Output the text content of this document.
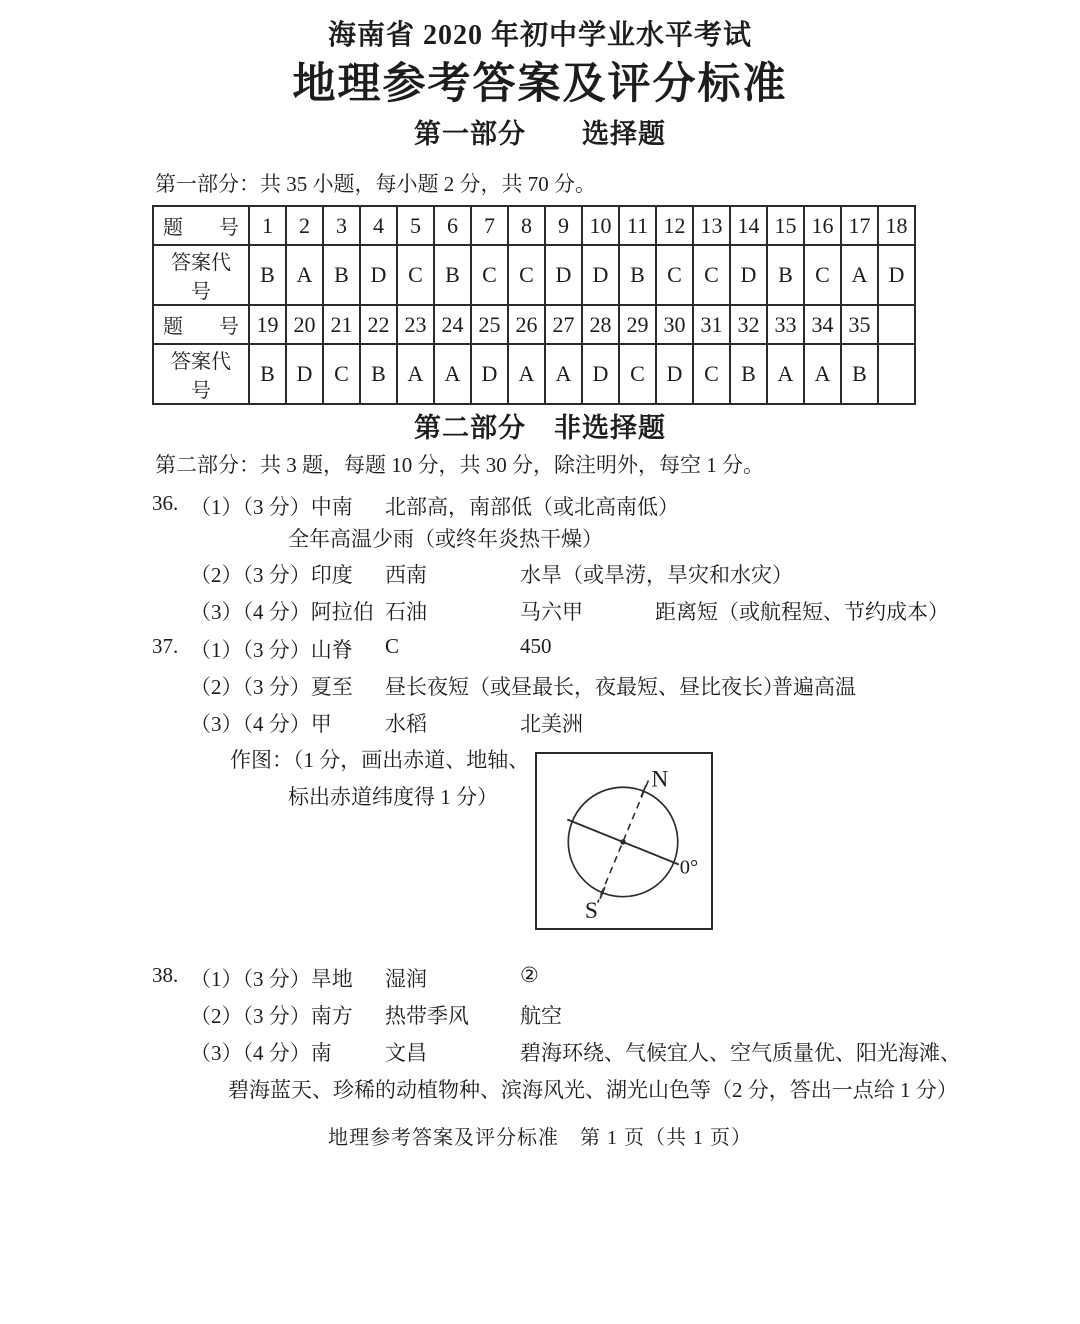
海南省 2020 年初中学业水平考试
地理参考答案及评分标准
第一部分　　选择题
第一部分：共 35 小题，每小题 2 分，共 70 分。
题 号	1	2	3	4	5	6	7	8	9	10	11	12	13	14	15	16	17	18
答案代号	B	A	B	D	C	B	C	C	D	D	B	C	C	D	B	C	A	D
题 号	19	20	21	22	23	24	25	26	27	28	29	30	31	32	33	34	35	
答案代号	B	D	C	B	A	A	D	A	A	D	C	D	C	B	A	A	B	
第二部分　非选择题
第二部分：共 3 题，每题 10 分，共 30 分，除注明外，每空 1 分。
36. （1）（3 分）中南 北部高，南部低（或北高南低）
全年高温少雨（或终年炎热干燥）
（2）（3 分）印度 西南	水旱（或旱涝，旱灾和水灾）
（3）（4 分）阿拉伯 石油	马六甲	距离短（或航程短、节约成本）
37. （1）（3 分）山脊 C	450
（2）（3 分）夏至 昼长夜短（或昼最长，夜最短、昼比夜长）
普遍高温
（3）（4 分）甲	水稻	北美洲
作图：（1 分，画出赤道、地轴、
标出赤道纬度得 1 分）
38. （1）（3 分）旱地 湿润	②
（2）（3 分）南方 热带季风 航空
（3）（4 分）南	文昌	碧海环绕、气候宜人、空气质量优、阳光海滩、
碧海蓝天、珍稀的动植物种、滨海风光、湖光山色等（2 分，答出一点给 1 分）
N
S
0°
地理参考答案及评分标准　第 1 页（共 1 页）
